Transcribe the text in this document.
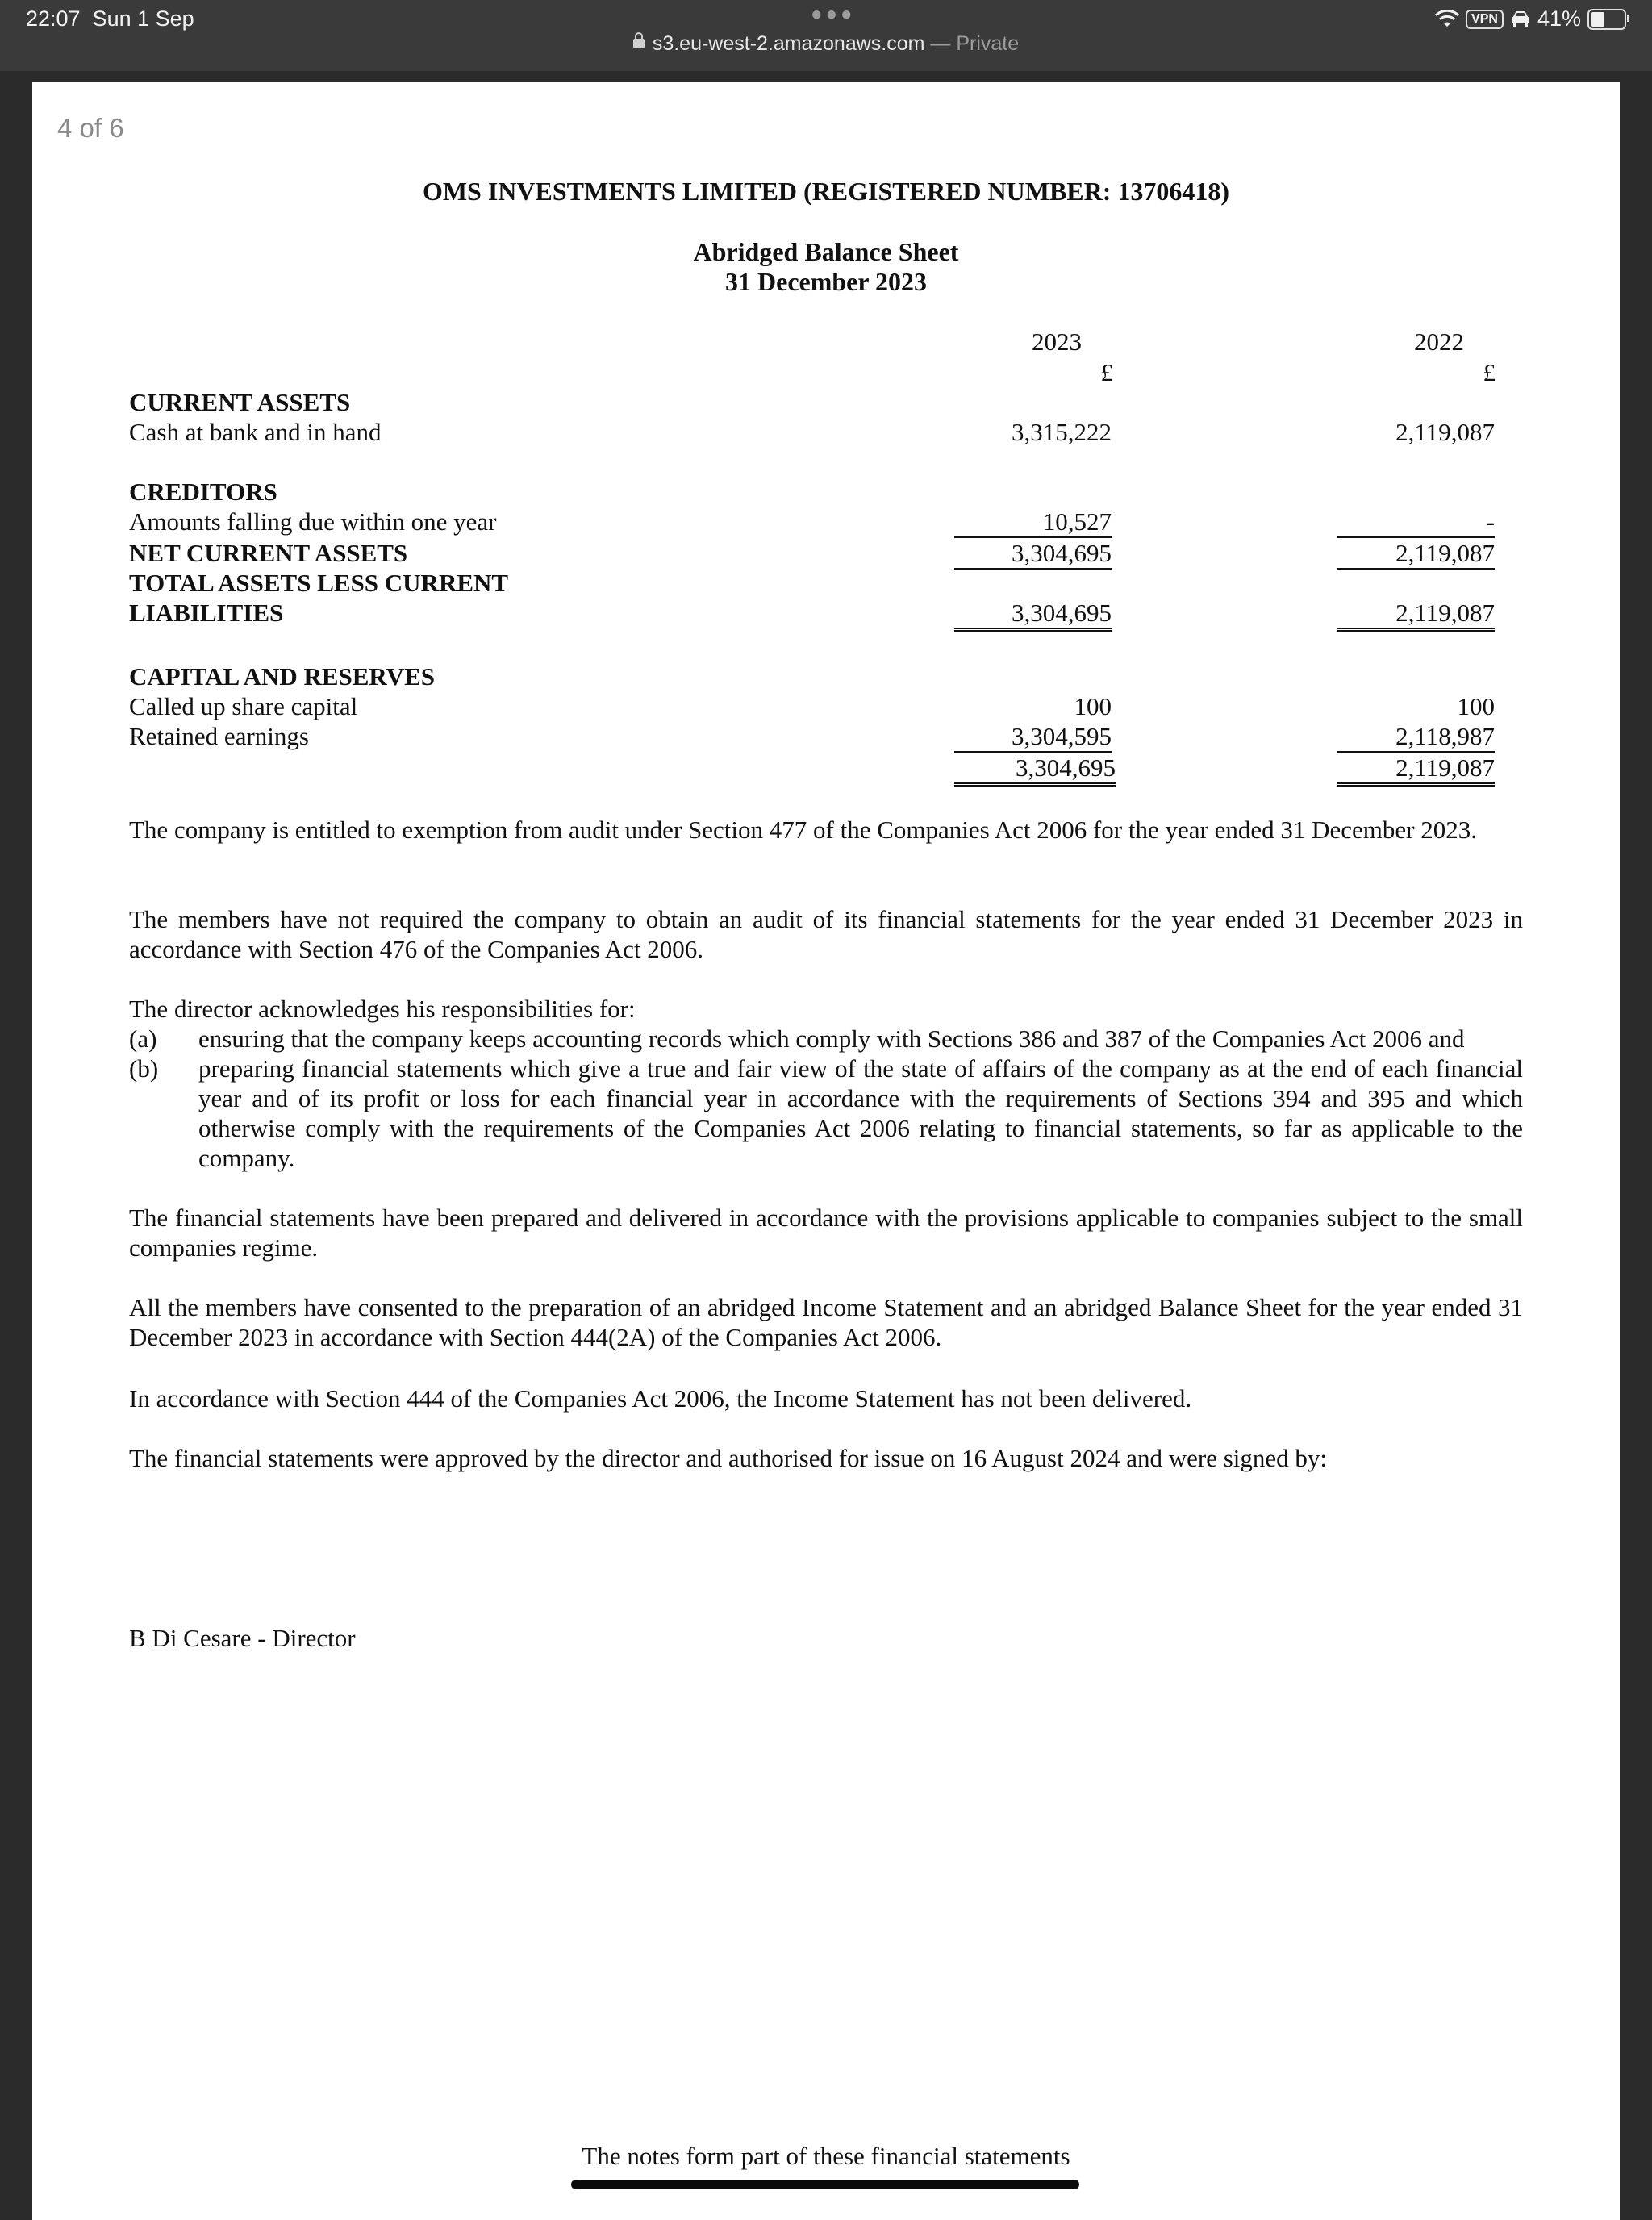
22:07 Sun 1 Sep	●●●
s3.eu-west-2.amazonaws.com — Private
VPN 41%
4 of 6
OMS INVESTMENTS LIMITED (REGISTERED NUMBER: 13706418)
Abridged Balance Sheet
31 December 2023
2023
£
2022
£
CURRENT ASSETS
Cash at bank and in hand	3,315,222	2,119,087
CREDITORS
Amounts falling due within one year	10,527	-
NET CURRENT ASSETS	3,304,695	2,119,087
TOTAL ASSETS LESS CURRENT
LIABILITIES	3,304,695	2,119,087
CAPITAL AND RESERVES
Called up share capital	100	100
Retained earnings	3,304,595	2,118,987
3,304,695	2,119,087
The company is entitled to exemption from audit under Section 477 of the Companies Act 2006 for the year ended 31 December 2023.
The members have not required the company to obtain an audit of its financial statements for the year ended 31 December 2023 in accordance with Section 476 of the Companies Act 2006.
The director acknowledges his responsibilities for:
(a) ensuring that the company keeps accounting records which comply with Sections 386 and 387 of the Companies Act 2006 and
(b) preparing financial statements which give a true and fair view of the state of affairs of the company as at the end of each financial year and of its profit or loss for each financial year in accordance with the requirements of Sections 394 and 395 and which otherwise comply with the requirements of the Companies Act 2006 relating to financial statements, so far as applicable to the company.
The financial statements have been prepared and delivered in accordance with the provisions applicable to companies subject to the small companies regime.
All the members have consented to the preparation of an abridged Income Statement and an abridged Balance Sheet for the year ended 31 December 2023 in accordance with Section 444(2A) of the Companies Act 2006.
In accordance with Section 444 of the Companies Act 2006, the Income Statement has not been delivered.
The financial statements were approved by the director and authorised for issue on 16 August 2024 and were signed by:
B Di Cesare - Director
The notes form part of these financial statements
